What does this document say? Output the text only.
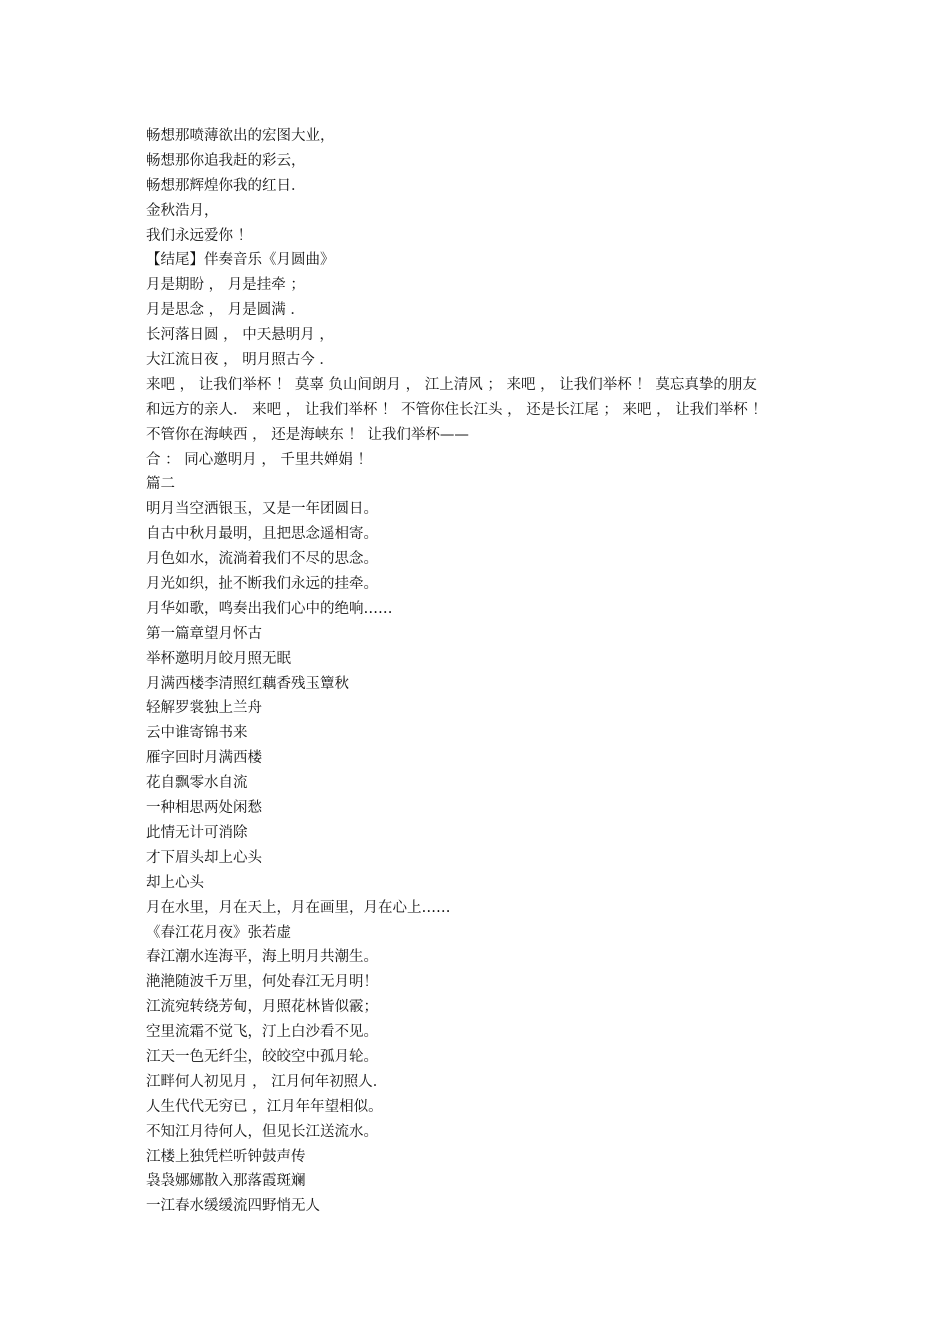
畅想那喷薄欲出的宏图大业，
畅想那你追我赶的彩云，
畅想那辉煌你我的红日．
金秋浩月，
我们永远爱你 ！
【结尾】伴奏音乐《月圆曲》
月是期盼 ， 月是挂牵 ；
月是思念 ， 月是圆满 ．
长河落日圆 ， 中天悬明月 ，
大江流日夜 ， 明月照古今 ．
来吧 ， 让我们举杯 ！ 莫辜 负山间朗月 ， 江上清风 ； 来吧 ， 让我们举杯 ！ 莫忘真挚的朋友
和远方的亲人． 来吧 ， 让我们举杯 ！ 不管你住长江头 ， 还是长江尾 ； 来吧 ， 让我们举杯 ！
不管你在海峡西 ， 还是海峡东 ！ 让我们举杯——
合 ： 同心邀明月 ， 千里共婵娟 ！
篇二
明月当空洒银玉，又是一年团圆日。
自古中秋月最明，且把思念遥相寄。
月色如水，流淌着我们不尽的思念。
月光如织，扯不断我们永远的挂牵。
月华如歌，鸣奏出我们心中的绝响……
第一篇章望月怀古
举杯邀明月皎月照无眠
月满西楼李清照红藕香残玉簟秋
轻解罗裳独上兰舟
云中谁寄锦书来
雁字回时月满西楼
花自飘零水自流
一种相思两处闲愁
此情无计可消除
才下眉头却上心头
却上心头
月在水里，月在天上，月在画里，月在心上……
《春江花月夜》张若虚
春江潮水连海平，海上明月共潮生。
滟滟随波千万里，何处春江无月明！
江流宛转绕芳甸，月照花林皆似霰；
空里流霜不觉飞，汀上白沙看不见。
江天一色无纤尘，皎皎空中孤月轮。
江畔何人初见月 ， 江月何年初照人．
人生代代无穷已 ，江月年年望相似。
不知江月待何人，但见长江送流水。
江楼上独凭栏听钟鼓声传
袅袅娜娜散入那落霞斑斓
一江春水缓缓流四野悄无人
